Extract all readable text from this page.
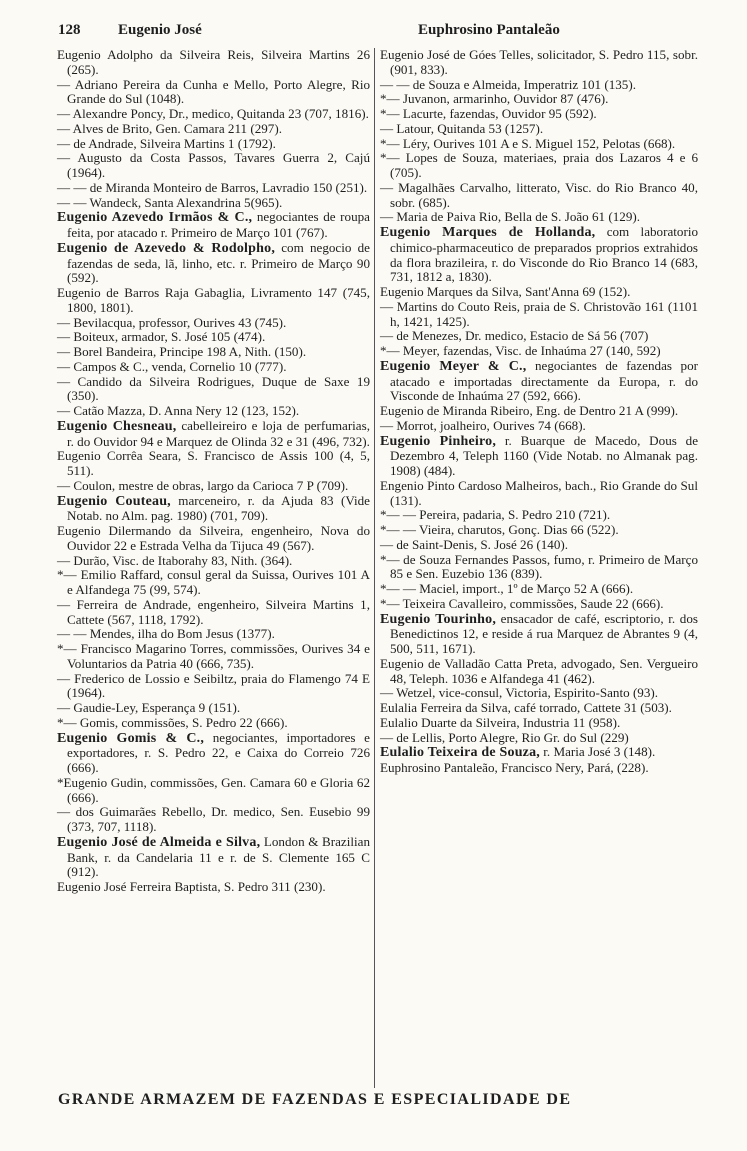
128	Eugenio José	Euphrosino Pantaleão

Eugenio Adolpho da Silveira Reis, Silveira Martins 26 (265).

— Adriano Pereira da Cunha e Mello, Porto Alegre, Rio Grande do Sul (1048).

— Alexandre Poncy, Dr., medico, Quitanda 23 (707, 1816).

— Alves de Brito, Gen. Camara 211 (297).

— de Andrade, Silveira Martins 1 (1792).

— Augusto da Costa Passos, Tavares Guerra 2, Cajú (1964).

— — de Miranda Monteiro de Barros, Lavradio 150 (251).

— — Wandeck, Santa Alexandrina 5(965).

Eugenio Azevedo Irmãos & C., negociantes de roupa feita, por atacado r. Primeiro de Março 101 (767).

Eugenio de Azevedo & Rodolpho, com negocio de fazendas de seda, lã, linho, etc. r. Primeiro de Março 90 (592).

Eugenio de Barros Raja Gabaglia, Livramento 147 (745, 1800, 1801).

— Bevilacqua, professor, Ourives 43 (745).

— Boiteux, armador, S. José 105 (474).

— Borel Bandeira, Principe 198 A, Nith. (150).

— Campos & C., venda, Cornelio 10 (777).

— Candido da Silveira Rodrigues, Duque de Saxe 19 (350).

— Catão Mazza, D. Anna Nery 12 (123, 152).

Eugenio Chesneau, cabelleireiro e loja de perfumarias, r. do Ouvidor 94 e Marquez de Olinda 32 e 31 (496, 732).

Eugenio Corrêa Seara, S. Francisco de Assis 100 (4, 5, 511).

— Coulon, mestre de obras, largo da Carioca 7 P (709).

Eugenio Couteau, marceneiro, r. da Ajuda 83 (Vide Notab. no Alm. pag. 1980) (701, 709).

Eugenio Dilermando da Silveira, engenheiro, Nova do Ouvidor 22 e Estrada Velha da Tijuca 49 (567).

— Durão, Visc. de Itaborahy 83, Nith. (364).

*— Emilio Raffard, consul geral da Suissa, Ourives 101 A e Alfandega 75 (99, 574).

— Ferreira de Andrade, engenheiro, Silveira Martins 1, Cattete (567, 1118, 1792).

— — Mendes, ilha do Bom Jesus (1377).

*— Francisco Magarino Torres, commissões, Ourives 34 e Voluntarios da Patria 40 (666, 735).

— Frederico de Lossio e Seibiltz, praia do Flamengo 74 E (1964).

— Gaudie-Ley, Esperança 9 (151).

*— Gomis, commissões, S. Pedro 22 (666).

Eugenio Gomis & C., negociantes, importadores e exportadores, r. S. Pedro 22, e Caixa do Correio 726 (666).

*Eugenio Gudin, commissões, Gen. Camara 60 e Gloria 62 (666).

— dos Guimarães Rebello, Dr. medico, Sen. Eusebio 99 (373, 707, 1118).

Eugenio José de Almeida e Silva, London & Brazilian Bank, r. da Candelaria 11 e r. de S. Clemente 165 C (912).

Eugenio José Ferreira Baptista, S. Pedro 311 (230).

Eugenio José de Góes Telles, solicitador, S. Pedro 115, sobr. (901, 833).

— — de Souza e Almeida, Imperatriz 101 (135).

*— Juvanon, armarinho, Ouvidor 87 (476).

*— Lacurte, fazendas, Ouvidor 95 (592).

— Latour, Quitanda 53 (1257).

*— Léry, Ourives 101 A e S. Miguel 152, Pelotas (668).

*— Lopes de Souza, materiaes, praia dos Lazaros 4 e 6 (705).

— Magalhães Carvalho, litterato, Visc. do Rio Branco 40, sobr. (685).

— Maria de Paiva Rio, Bella de S. João 61 (129).

Eugenio Marques de Hollanda, com laboratorio chimico-pharmaceutico de preparados proprios extrahidos da flora brazileira, r. do Visconde do Rio Branco 14 (683, 731, 1812 a, 1830).

Eugenio Marques da Silva, Sant'Anna 69 (152).

— Martins do Couto Reis, praia de S. Christovão 161 (1101 h, 1421, 1425).

— de Menezes, Dr. medico, Estacio de Sá 56 (707)

*— Meyer, fazendas, Visc. de Inhaúma 27 (140, 592)

Eugenio Meyer & C., negociantes de fazendas por atacado e importadas directamente da Europa, r. do Visconde de Inhaúma 27 (592, 666).

Eugenio de Miranda Ribeiro, Eng. de Dentro 21 A (999).

— Morrot, joalheiro, Ourives 74 (668).

Eugenio Pinheiro, r. Buarque de Macedo, Dous de Dezembro 4, Teleph 1160 (Vide Notab. no Almanak pag. 1908) (484).

Engenio Pinto Cardoso Malheiros, bach., Rio Grande do Sul (131).

*— — Pereira, padaria, S. Pedro 210 (721).

*— — Vieira, charutos, Gonç. Dias 66 (522).

— de Saint-Denis, S. José 26 (140).

*— de Souza Fernandes Passos, fumo, r. Primeiro de Março 85 e Sen. Euzebio 136 (839).

*— — Maciel, import., 1º de Março 52 A (666).

*— Teixeira Cavalleiro, commissões, Saude 22 (666).

Eugenio Tourinho, ensacador de café, escriptorio, r. dos Benedictinos 12, e reside á rua Marquez de Abrantes 9 (4, 500, 511, 1671).

Eugenio de Valladão Catta Preta, advogado, Sen. Vergueiro 48, Teleph. 1036 e Alfandega 41 (462).

— Wetzel, vice-consul, Victoria, Espirito-Santo (93).

Eulalia Ferreira da Silva, café torrado, Cattete 31 (503).

Eulalio Duarte da Silveira, Industria 11 (958).

— de Lellis, Porto Alegre, Rio Gr. do Sul (229)

Eulalio Teixeira de Souza, r. Maria José 3 (148).

Euphrosino Pantaleão, Francisco Nery, Pará, (228).

GRANDE ARMAZEM DE FAZENDAS E ESPECIALIDADE DE
